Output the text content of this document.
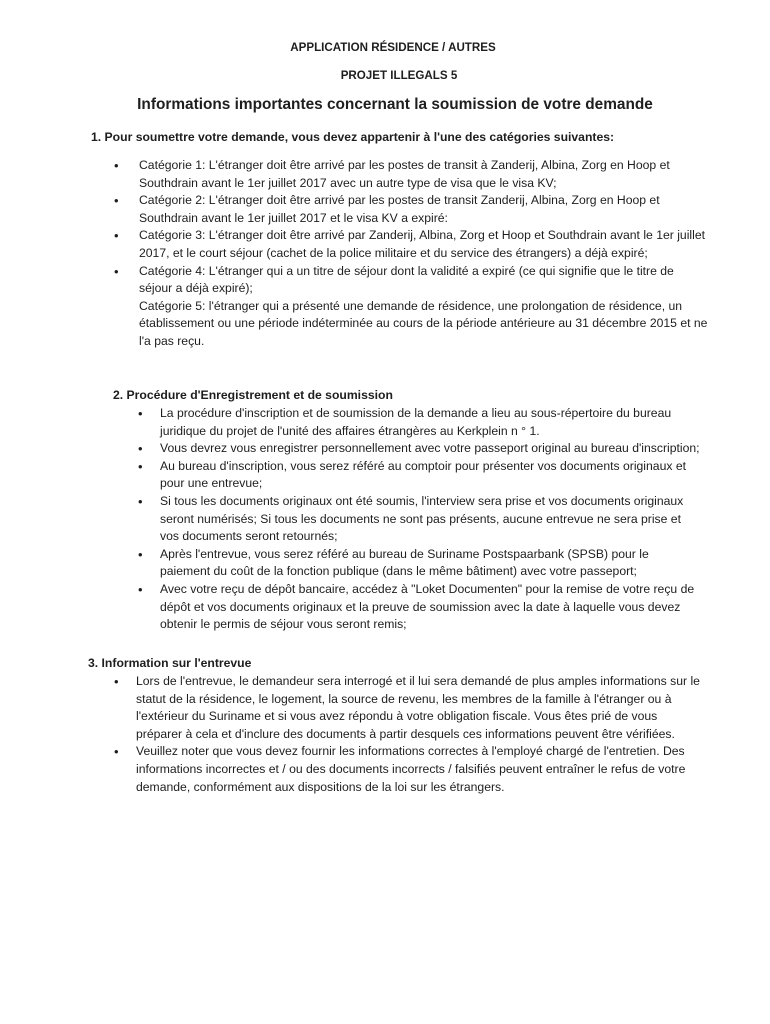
APPLICATION RÉSIDENCE / AUTRES
PROJET ILLEGALS 5
Informations importantes concernant la soumission de votre demande
1. Pour soumettre votre demande, vous devez appartenir à l'une des catégories suivantes:
• Catégorie 1: L'étranger doit être arrivé par les postes de transit à Zanderij, Albina, Zorg en Hoop et Southdrain avant le 1er juillet 2017 avec un autre type de visa que le visa KV;
• Catégorie 2: L'étranger doit être arrivé par les postes de transit Zanderij, Albina, Zorg en Hoop et Southdrain avant le 1er juillet 2017 et le visa KV a expiré:
• Catégorie 3: L'étranger doit être arrivé par Zanderij, Albina, Zorg et Hoop et Southdrain avant le 1er juillet 2017, et le court séjour (cachet de la police militaire et du service des étrangers) a déjà expiré;
• Catégorie 4: L'étranger qui a un titre de séjour dont la validité a expiré (ce qui signifie que le titre de séjour a déjà expiré);
Catégorie 5: l'étranger qui a présenté une demande de résidence, une prolongation de résidence, un établissement ou une période indéterminée au cours de la période antérieure au 31 décembre 2015 et ne l'a pas reçu.
2. Procédure d'Enregistrement et de soumission
• La procédure d'inscription et de soumission de la demande a lieu au sous-répertoire du bureau juridique du projet de l'unité des affaires étrangères au Kerkplein n ° 1.
• Vous devrez vous enregistrer personnellement avec votre passeport original au bureau d'inscription;
• Au bureau d'inscription, vous serez référé au comptoir pour présenter vos documents originaux et pour une entrevue;
• Si tous les documents originaux ont été soumis, l'interview sera prise et vos documents originaux seront numérisés; Si tous les documents ne sont pas présents, aucune entrevue ne sera prise et vos documents seront retournés;
• Après l'entrevue, vous serez référé au bureau de Suriname Postspaarbank (SPSB) pour le paiement du coût de la fonction publique (dans le même bâtiment) avec votre passeport;
• Avec votre reçu de dépôt bancaire, accédez à "Loket Documenten" pour la remise de votre reçu de dépôt et vos documents originaux et la preuve de soumission avec la date à laquelle vous devez obtenir le permis de séjour vous seront remis;
3. Information sur l'entrevue
• Lors de l'entrevue, le demandeur sera interrogé et il lui sera demandé de plus amples informations sur le statut de la résidence, le logement, la source de revenu, les membres de la famille à l'étranger ou à l'extérieur du Suriname et si vous avez répondu à votre obligation fiscale. Vous êtes prié de vous préparer à cela et d'inclure des documents à partir desquels ces informations peuvent être vérifiées.
• Veuillez noter que vous devez fournir les informations correctes à l'employé chargé de l'entretien. Des informations incorrectes et / ou des documents incorrects / falsifiés peuvent entraîner le refus de votre demande, conformément aux dispositions de la loi sur les étrangers.
